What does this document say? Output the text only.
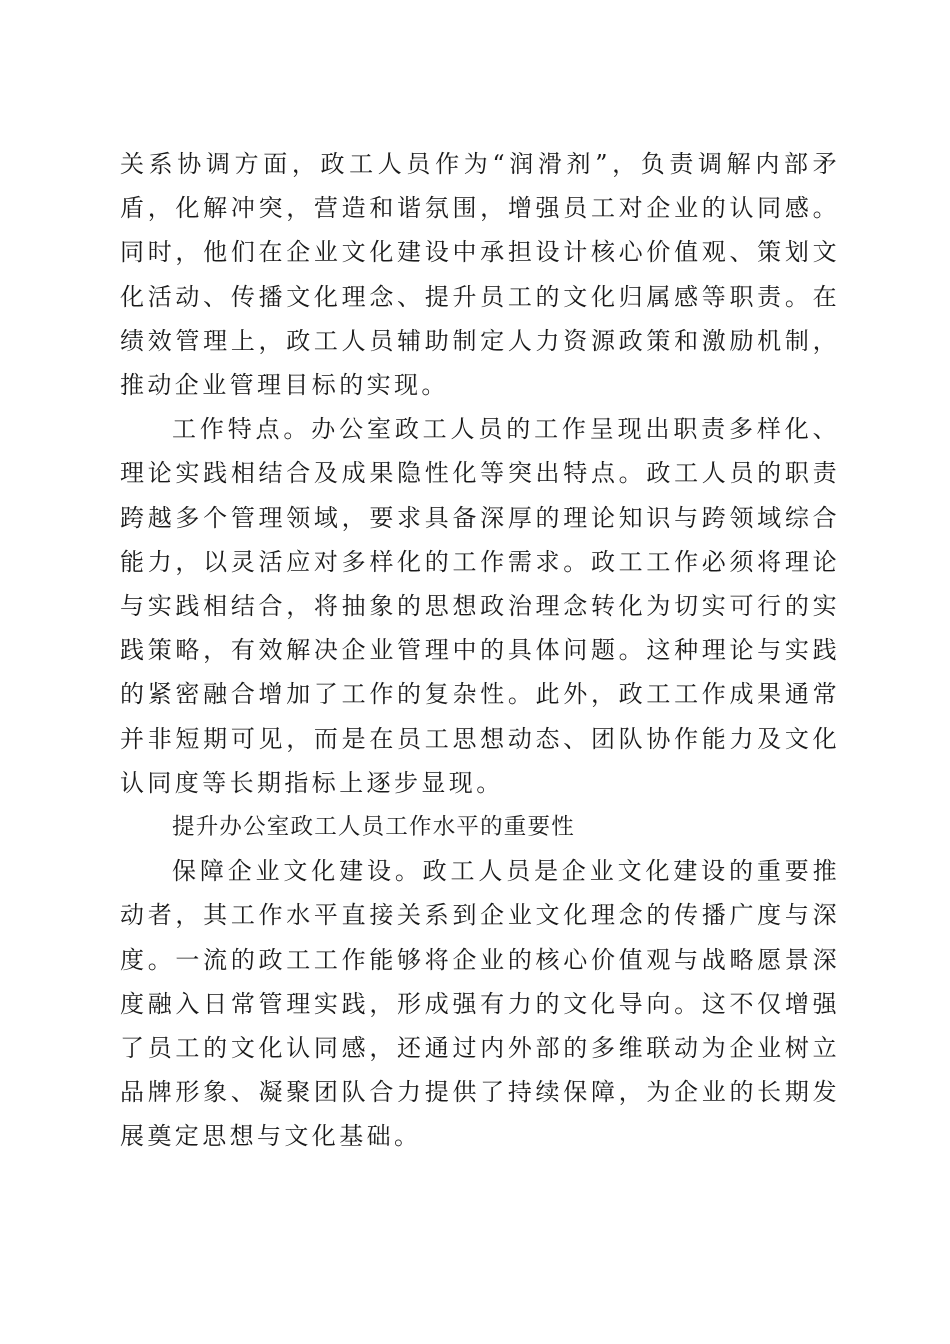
关系协调方面，政工人员作为“润滑剂”，负责调解内部矛盾，化解冲突，营造和谐氛围，增强员工对企业的认同感。同时，他们在企业文化建设中承担设计核心价值观、策划文化活动、传播文化理念、提升员工的文化归属感等职责。在绩效管理上，政工人员辅助制定人力资源政策和激励机制，推动企业管理目标的实现。

工作特点。办公室政工人员的工作呈现出职责多样化、理论实践相结合及成果隐性化等突出特点。政工人员的职责跨越多个管理领域，要求具备深厚的理论知识与跨领域综合能力，以灵活应对多样化的工作需求。政工工作必须将理论与实践相结合，将抽象的思想政治理念转化为切实可行的实践策略，有效解决企业管理中的具体问题。这种理论与实践的紧密融合增加了工作的复杂性。此外，政工工作成果通常并非短期可见，而是在员工思想动态、团队协作能力及文化认同度等长期指标上逐步显现。

提升办公室政工人员工作水平的重要性

保障企业文化建设。政工人员是企业文化建设的重要推动者，其工作水平直接关系到企业文化理念的传播广度与深度。一流的政工工作能够将企业的核心价值观与战略愿景深度融入日常管理实践，形成强有力的文化导向。这不仅增强了员工的文化认同感，还通过内外部的多维联动为企业树立品牌形象、凝聚团队合力提供了持续保障，为企业的长期发展奠定思想与文化基础。
